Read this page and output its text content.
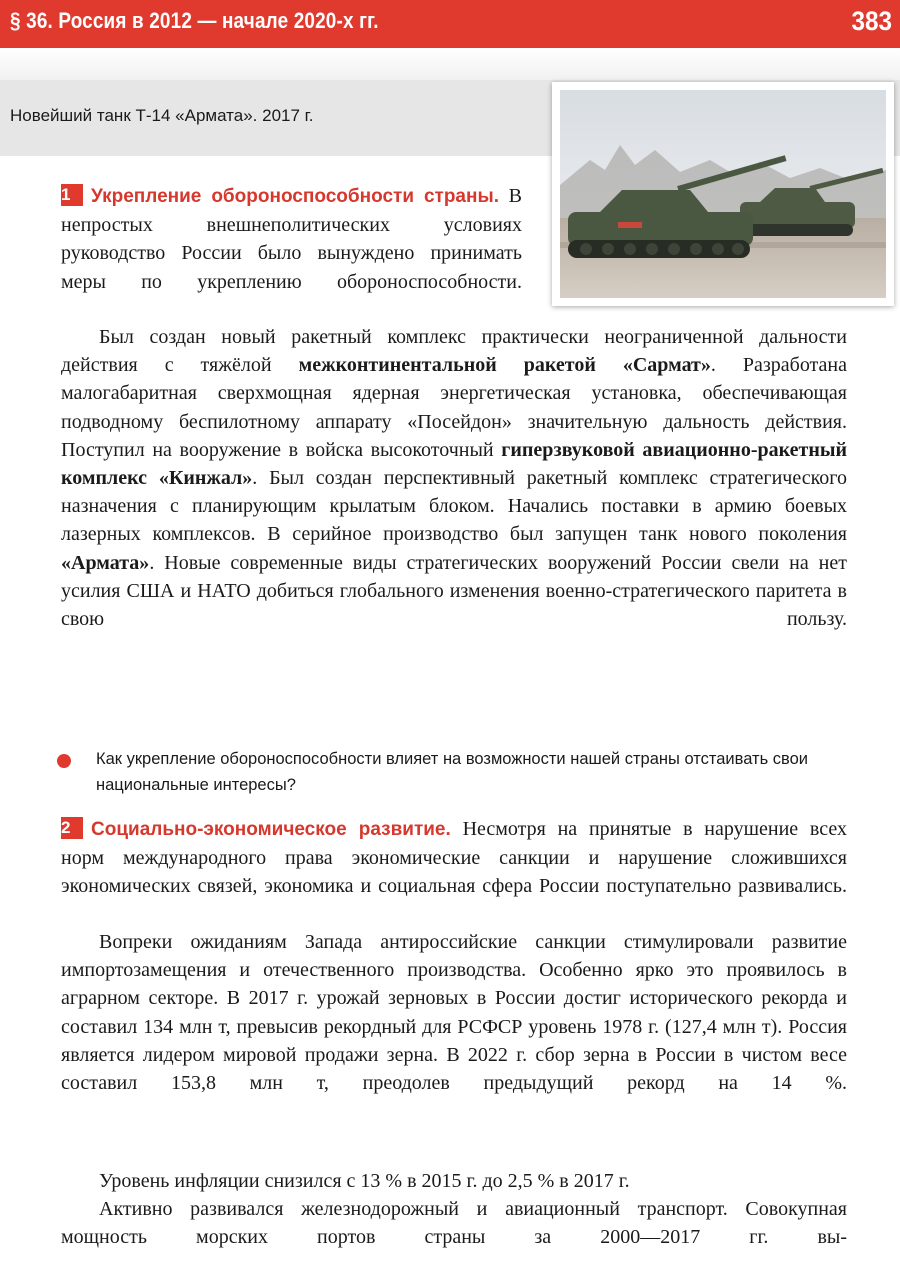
§ 36. Россия в 2012 — начале 2020-х гг.	383
Новейший танк Т-14 «Армата». 2017 г.
1 Укрепление обороноспособности страны. В непростых внешнеполитических условиях руководство России было вынуждено принимать меры по укреплению обороноспособности.
Был создан новый ракетный комплекс практически неограниченной дальности действия с тяжёлой межконтинентальной ракетой «Сармат». Разработана малогабаритная сверхмощная ядерная энергетическая установка, обеспечивающая подводному беспилотному аппарату «Посейдон» значительную дальность действия. Поступил на вооружение в войска высокоточный гиперзвуковой авиационно-ракетный комплекс «Кинжал». Был создан перспективный ракетный комплекс стратегического назначения с планирующим крылатым блоком. Начались поставки в армию боевых лазерных комплексов. В серийное производство был запущен танк нового поколения «Армата». Новые современные виды стратегических вооружений России свели на нет усилия США и НАТО добиться глобального изменения военно-стратегического паритета в свою пользу.
Как укрепление обороноспособности влияет на возможности нашей страны отстаивать свои национальные интересы?
2 Социально-экономическое развитие. Несмотря на принятые в нарушение всех норм международного права экономические санкции и нарушение сложившихся экономических связей, экономика и социальная сфера России поступательно развивались.
Вопреки ожиданиям Запада антироссийские санкции стимулировали развитие импортозамещения и отечественного производства. Особенно ярко это проявилось в аграрном секторе. В 2017 г. урожай зерновых в России достиг исторического рекорда и составил 134 млн т, превысив рекордный для РСФСР уровень 1978 г. (127,4 млн т). Россия является лидером мировой продажи зерна. В 2022 г. сбор зерна в России в чистом весе составил 153,8 млн т, преодолев предыдущий рекорд на 14 %.
Уровень инфляции снизился с 13 % в 2015 г. до 2,5 % в 2017 г.
Активно развивался железнодорожный и авиационный транспорт. Совокупная мощность морских портов страны за 2000—2017 гг. вы-
